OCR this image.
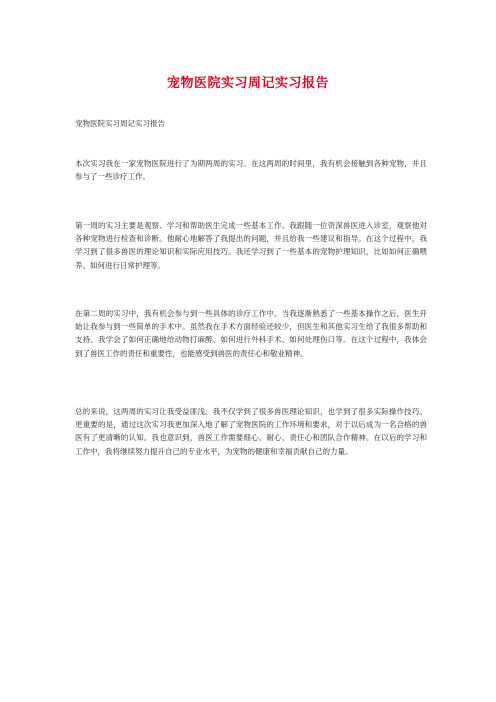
宠物医院实习周记实习报告

宠物医院实习周记实习报告

本次实习我在一家宠物医院进行了为期两周的实习。在这两周的时间里，我有机会接触到各种宠物，并且参与了一些诊疗工作。

第一周的实习主要是观察、学习和帮助医生完成一些基本工作。我跟随一位资深兽医进入诊室，观察他对各种宠物进行检查和诊断。他耐心地解答了我提出的问题，并且给我一些建议和指导。在这个过程中，我学习到了很多兽医的理论知识和实际应用技巧。我还学习到了一些基本的宠物护理知识，比如如何正确喂养、如何进行日常护理等。

在第二周的实习中，我有机会参与到一些具体的诊疗工作中。当我逐渐熟悉了一些基本操作之后，医生开始让我参与到一些简单的手术中。虽然我在手术方面经验还较少，但医生和其他实习生给了我很多帮助和支持。我学会了如何正确地给动物打麻醉、如何进行外科手术、如何处理伤口等。在这个过程中，我体会到了兽医工作的责任和重要性，也能感受到兽医的责任心和敬业精神。

总的来说，这两周的实习让我受益匪浅。我不仅学到了很多兽医理论知识，也学到了很多实际操作技巧。更重要的是，通过这次实习我更加深入地了解了宠物医院的工作环境和要求，对于以后成为一名合格的兽医有了更清晰的认知。我也意识到，兽医工作需要细心、耐心、责任心和团队合作精神。在以后的学习和工作中，我将继续努力提升自己的专业水平，为宠物的健康和幸福贡献自己的力量。
